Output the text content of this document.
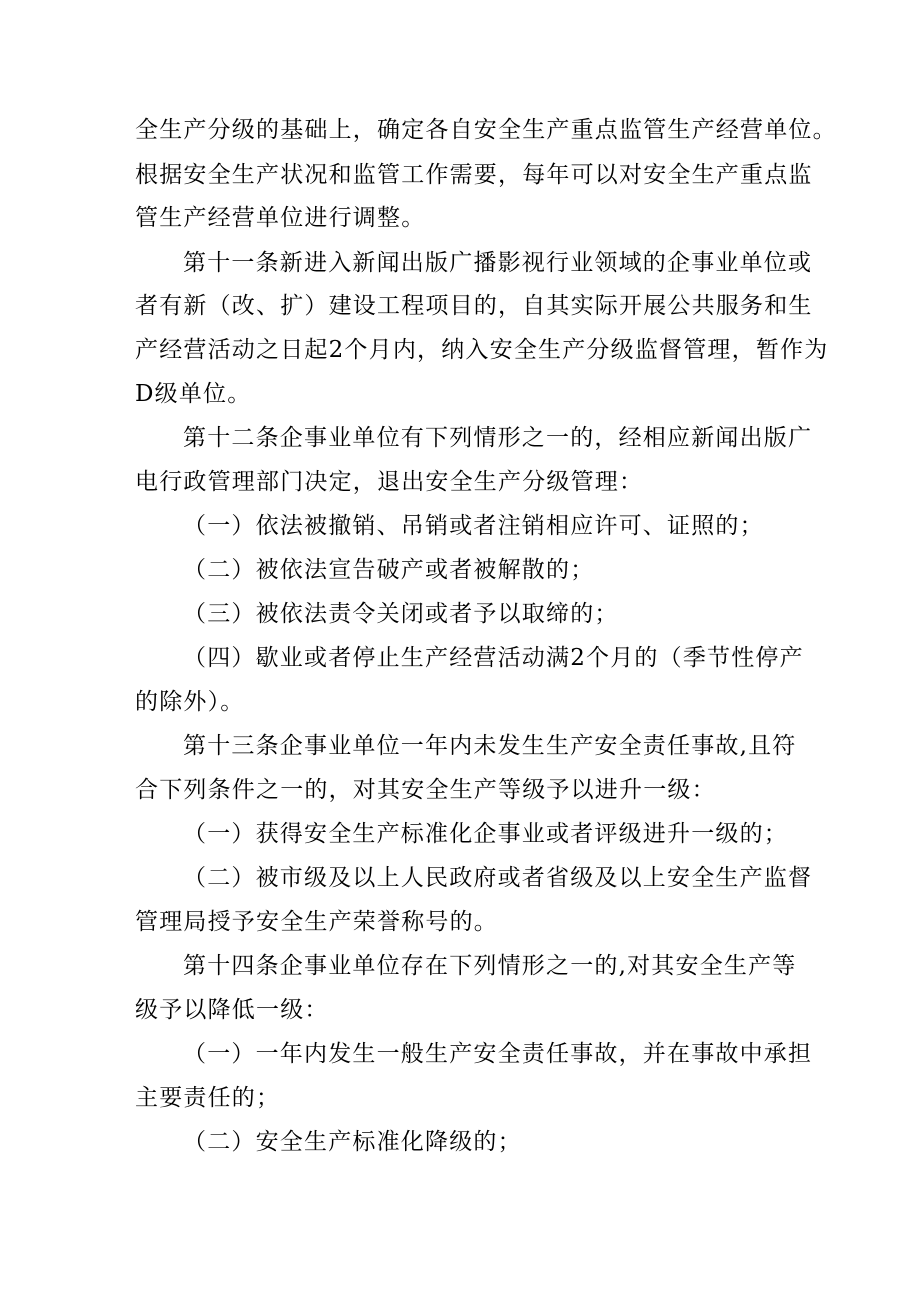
全生产分级的基础上，确定各自安全生产重点监管生产经营单位。
根据安全生产状况和监管工作需要，每年可以对安全生产重点监
管生产经营单位进行调整。
第十一条新进入新闻出版广播影视行业领域的企事业单位或
者有新（改、扩）建设工程项目的，自其实际开展公共服务和生
产经营活动之日起2个月内，纳入安全生产分级监督管理，暂作为
D级单位。
第十二条企事业单位有下列情形之一的，经相应新闻出版广
电行政管理部门决定，退出安全生产分级管理：
（一）依法被撤销、吊销或者注销相应许可、证照的；
（二）被依法宣告破产或者被解散的；
（三）被依法责令关闭或者予以取缔的；
（四）歇业或者停止生产经营活动满2个月的（季节性停产
的除外）。
第十三条企事业单位一年内未发生生产安全责任事故,且符
合下列条件之一的，对其安全生产等级予以进升一级：
（一）获得安全生产标准化企事业或者评级进升一级的；
（二）被市级及以上人民政府或者省级及以上安全生产监督
管理局授予安全生产荣誉称号的。
第十四条企事业单位存在下列情形之一的,对其安全生产等
级予以降低一级：
（一）一年内发生一般生产安全责任事故，并在事故中承担
主要责任的；
（二）安全生产标准化降级的；
